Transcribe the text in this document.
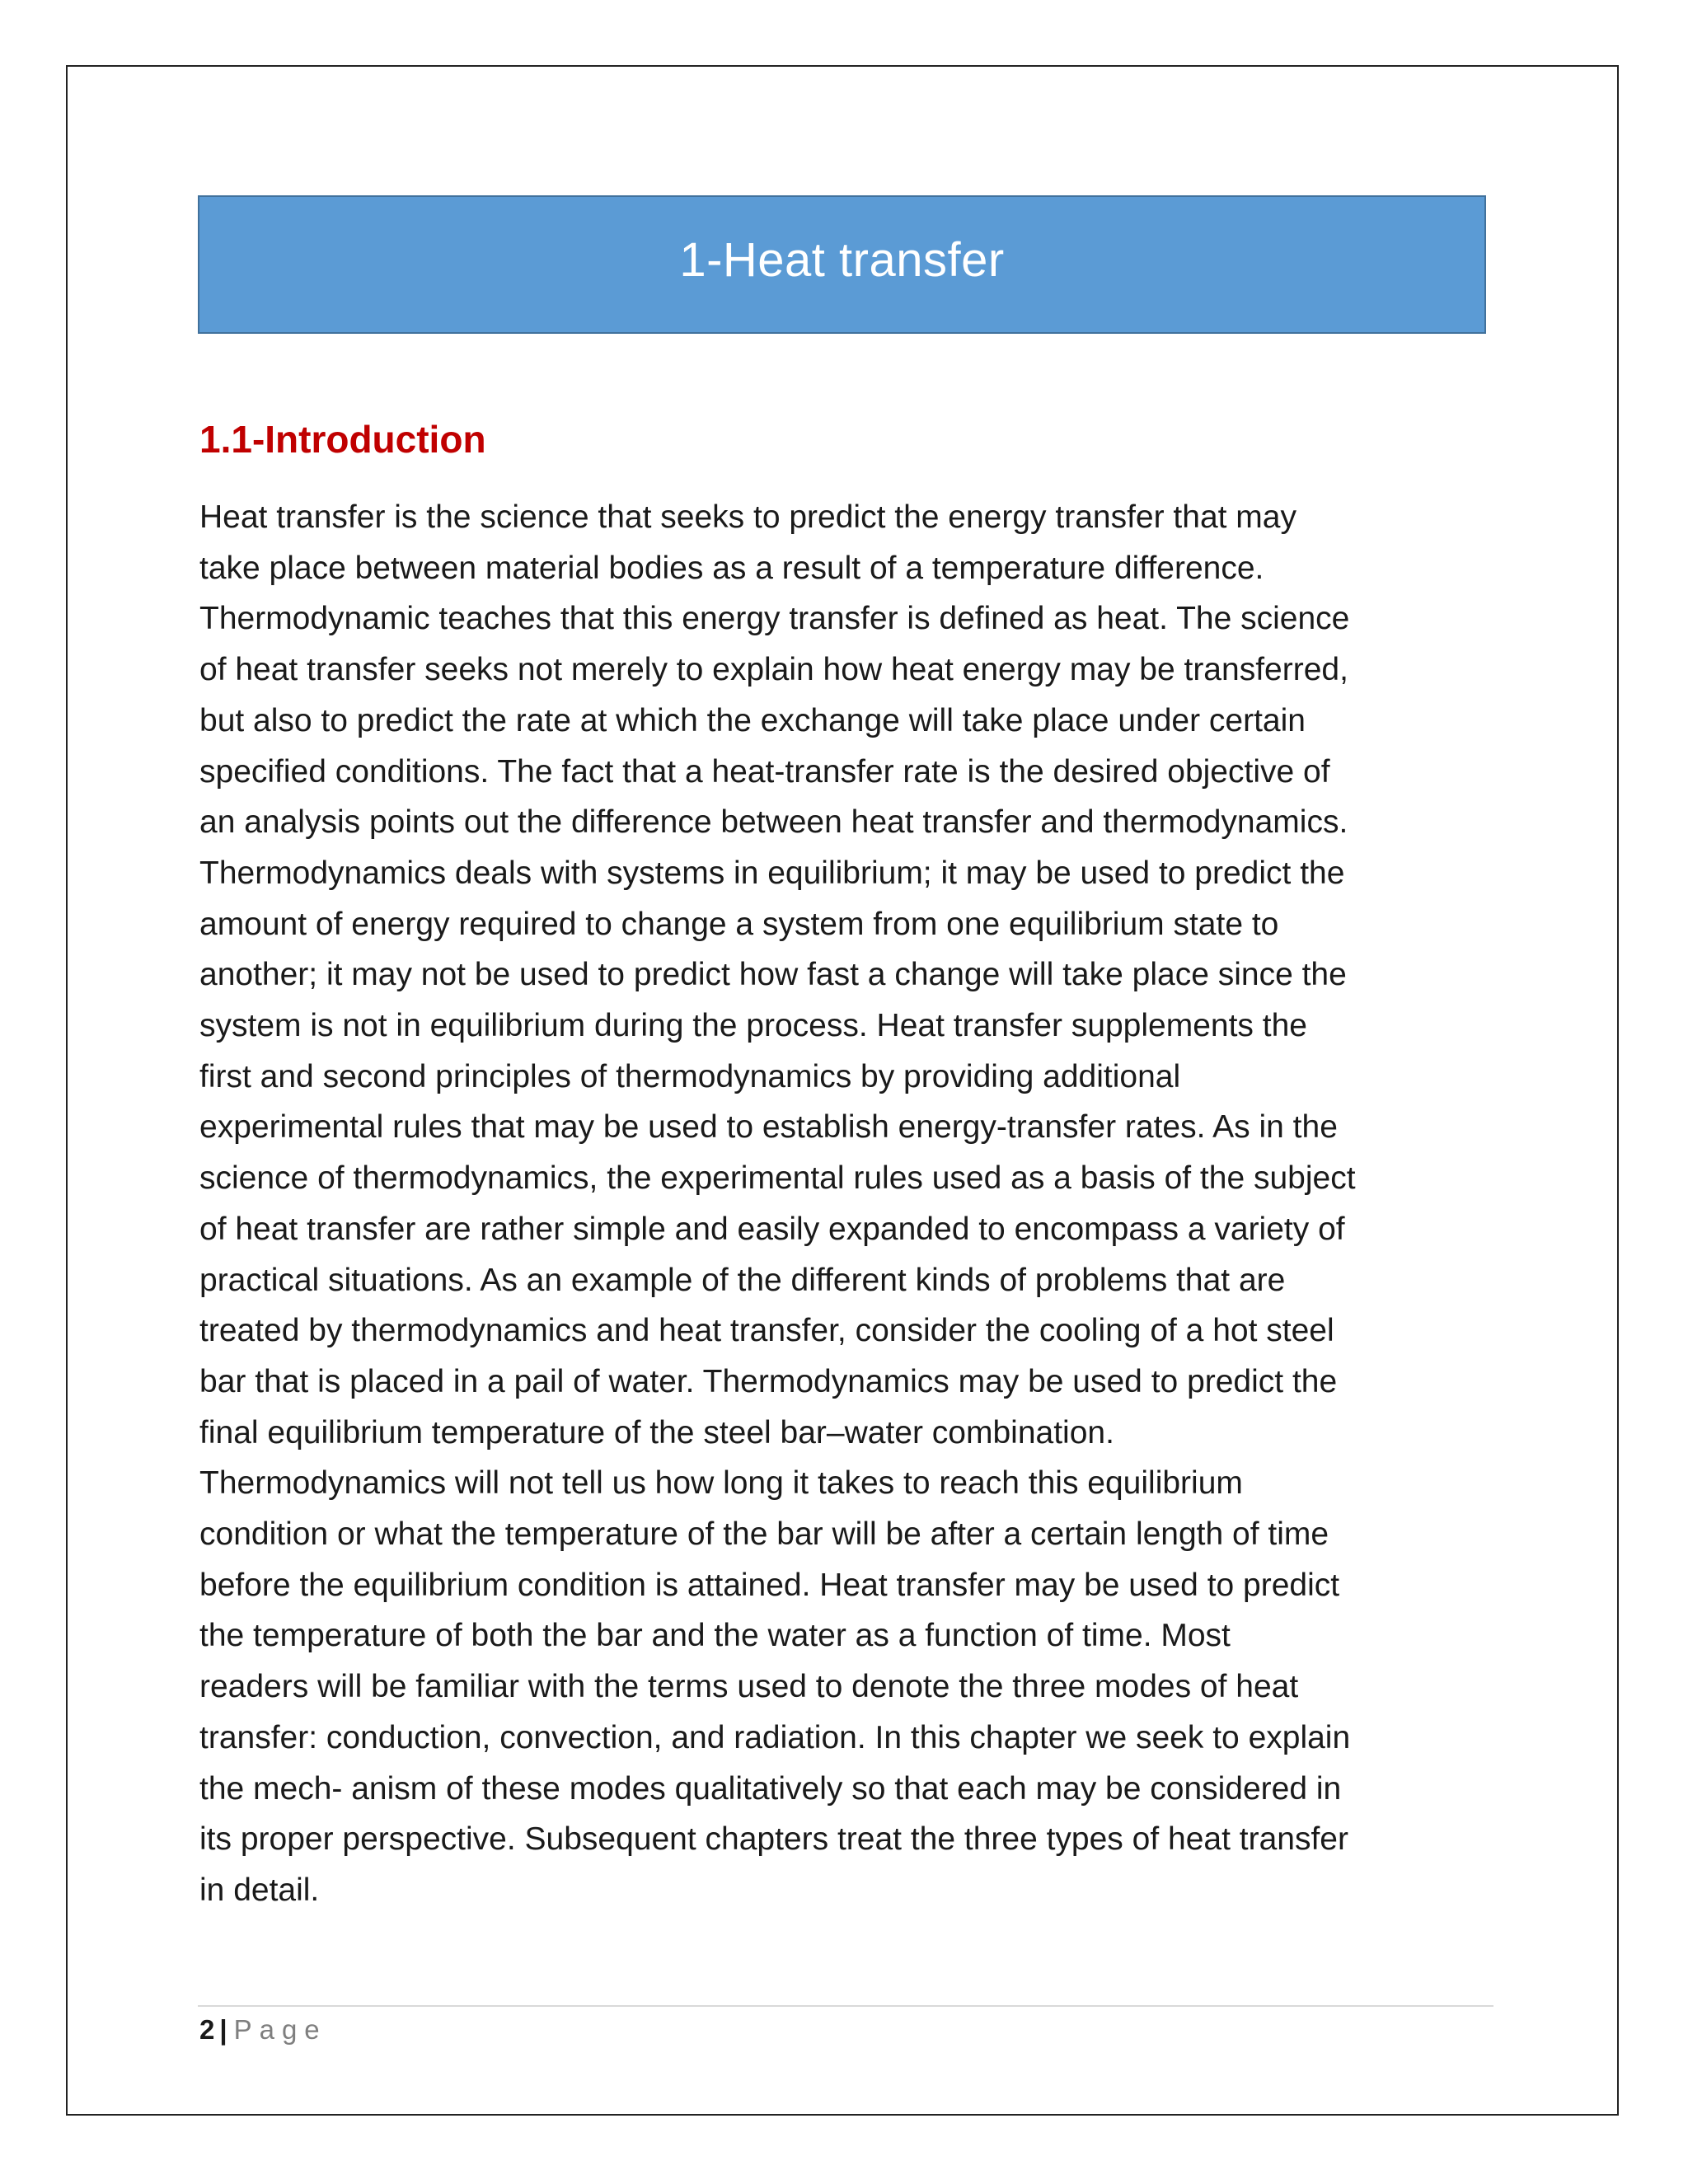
1-Heat transfer
1.1-Introduction

Heat transfer is the science that seeks to predict the energy transfer that may
take place between material bodies as a result of a temperature difference.
Thermodynamic teaches that this energy transfer is defined as heat. The science
of heat transfer seeks not merely to explain how heat energy may be transferred,
but also to predict the rate at which the exchange will take place under certain
specified conditions. The fact that a heat-transfer rate is the desired objective of
an analysis points out the difference between heat transfer and thermodynamics.
Thermodynamics deals with systems in equilibrium; it may be used to predict the
amount of energy required to change a system from one equilibrium state to
another; it may not be used to predict how fast a change will take place since the
system is not in equilibrium during the process. Heat transfer supplements the
first and second principles of thermodynamics by providing additional
experimental rules that may be used to establish energy-transfer rates. As in the
science of thermodynamics, the experimental rules used as a basis of the subject
of heat transfer are rather simple and easily expanded to encompass a variety of
practical situations. As an example of the different kinds of problems that are
treated by thermodynamics and heat transfer, consider the cooling of a hot steel
bar that is placed in a pail of water. Thermodynamics may be used to predict the
final equilibrium temperature of the steel bar–water combination.
Thermodynamics will not tell us how long it takes to reach this equilibrium
condition or what the temperature of the bar will be after a certain length of time
before the equilibrium condition is attained. Heat transfer may be used to predict
the temperature of both the bar and the water as a function of time. Most
readers will be familiar with the terms used to denote the three modes of heat
transfer: conduction, convection, and radiation. In this chapter we seek to explain
the mech- anism of these modes qualitatively so that each may be considered in
its proper perspective. Subsequent chapters treat the three types of heat transfer
in detail.

2 | Page
